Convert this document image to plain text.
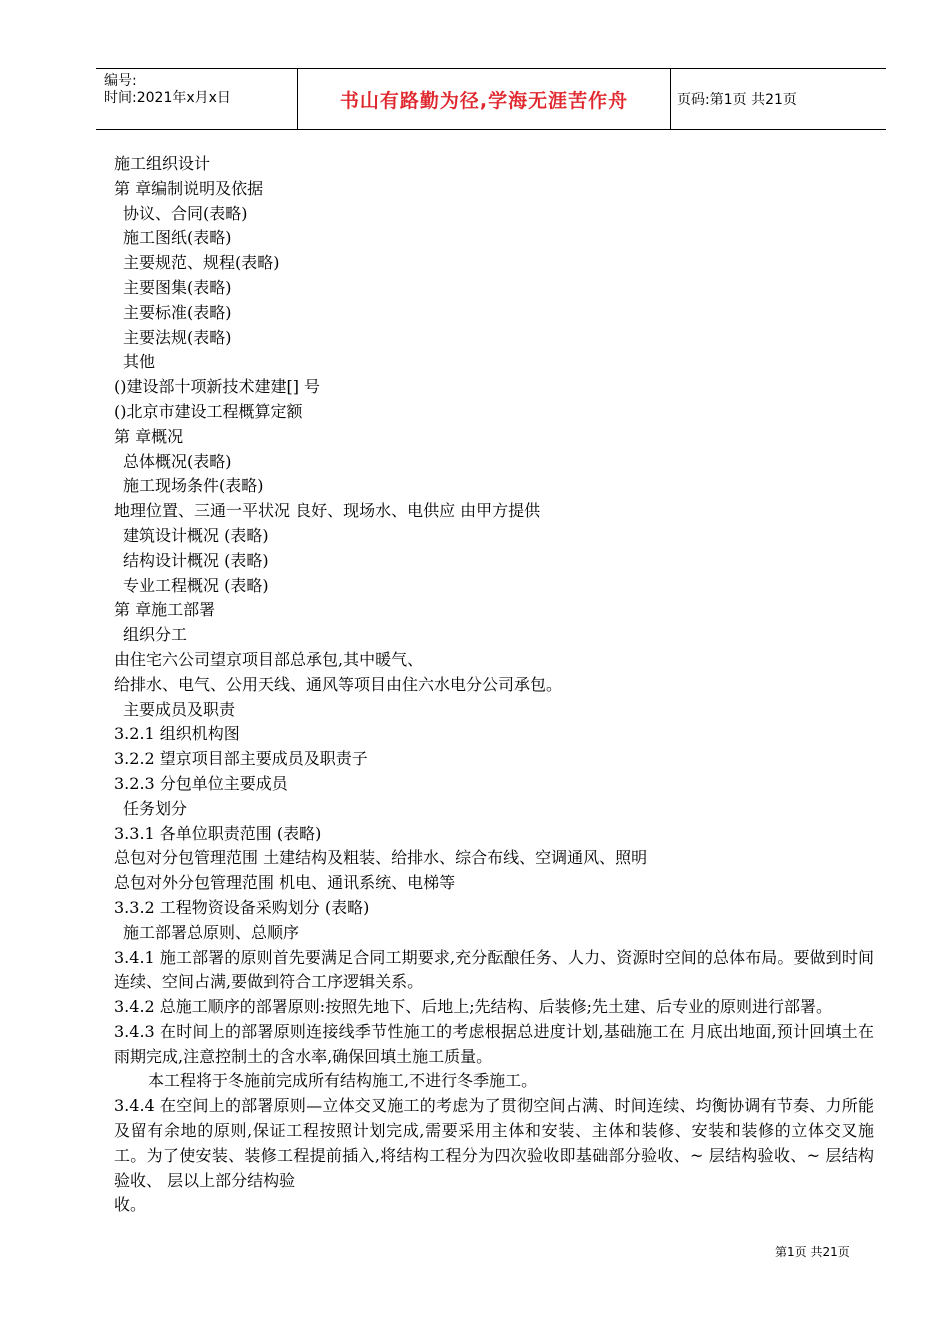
编号:
时间:2021年x月x日	书山有路勤为径,学海无涯苦作舟	页码:第1页 共21页
施工组织设计
第 章编制说明及依据
协议、合同(表略)
施工图纸(表略)
主要规范、规程(表略)
主要图集(表略)
主要标准(表略)
主要法规(表略)
其他
()建设部十项新技术建建[] 号
()北京市建设工程概算定额
第 章概况
总体概况(表略)
施工现场条件(表略)
地理位置、三通一平状况 良好、现场水、电供应 由甲方提供
建筑设计概况 (表略)
结构设计概况 (表略)
专业工程概况 (表略)
第 章施工部署
组织分工
由住宅六公司望京项目部总承包,其中暖气、
给排水、电气、公用天线、通风等项目由住六水电分公司承包。
主要成员及职责
3.2.1 组织机构图
3.2.2 望京项目部主要成员及职责子
3.2.3 分包单位主要成员
任务划分
3.3.1 各单位职责范围 (表略)
总包对分包管理范围 土建结构及粗装、给排水、综合布线、空调通风、照明
总包对外分包管理范围 机电、通讯系统、电梯等
3.3.2 工程物资设备采购划分 (表略)
施工部署总原则、总顺序
3.4.1 施工部署的原则首先要满足合同工期要求,充分酝酿任务、人力、资源时空间的总体布局。要做到时间连续、空间占满,要做到符合工序逻辑关系。
3.4.2 总施工顺序的部署原则:按照先地下、后地上;先结构、后装修;先土建、后专业的原则进行部署。
3.4.3 在时间上的部署原则连接线季节性施工的考虑根据总进度计划,基础施工在 月底出地面,预计回填土在雨期完成,注意控制土的含水率,确保回填土施工质量。
本工程将于冬施前完成所有结构施工,不进行冬季施工。
3.4.4 在空间上的部署原则—立体交叉施工的考虑为了贯彻空间占满、时间连续、均衡协调有节奏、力所能及留有余地的原则,保证工程按照计划完成,需要采用主体和安装、主体和装修、安装和装修的立体交叉施工。为了使安装、装修工程提前插入,将结构工程分为四次验收即基础部分验收、~ 层结构验收、~ 层结构验收、 层以上部分结构验
收。
第1页 共21页
